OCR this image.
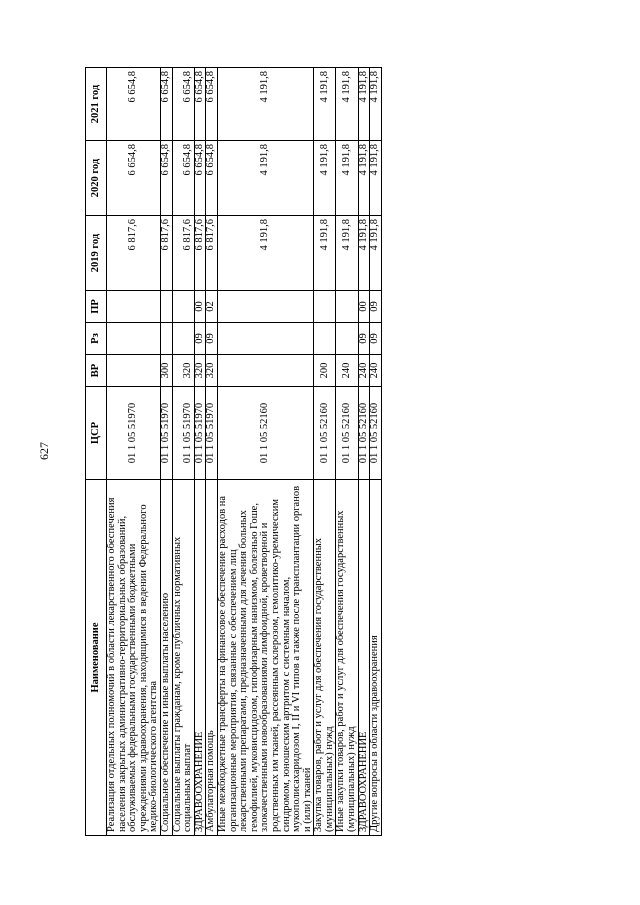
627
Наименование	ЦСР	ВР	Рз	ПР	2019 год	2020 год	2021 год
Реализация отдельных полномочий в области лекарственного обеспечения населения закрытых административно-территориальных образований, обслуживаемых федеральными государственными бюджетными учреждениями здравоохранения, находящимися в ведении Федерального медико-биологического агентства	01 1 05 51970				6 817,6	6 654,8	6 654,8
Социальное обеспечение и иные выплаты населению	01 1 05 51970	300			6 817,6	6 654,8	6 654,8
Социальные выплаты гражданам, кроме публичных нормативных социальных выплат	01 1 05 51970	320			6 817,6	6 654,8	6 654,8
ЗДРАВООХРАНЕНИЕ	01 1 05 51970	320	09	00	6 817,6	6 654,8	6 654,8
Амбулаторная помощь	01 1 05 51970	320	09	02	6 817,6	6 654,8	6 654,8
Иные межбюджетные трансферты на финансовое обеспечение расходов на организационные мероприятия, связанные с обеспечением лиц лекарственными препаратами, предназначенными для лечения больных гемофилией, муковисцидозом, гипофизарным нанизмом, болезнью Гоше, злокачественными новообразованиями лимфоидной, кроветворной и родственных им тканей, рассеянным склерозом, гемолитико-уремическим синдромом, юношеским артритом с системным началом, мукополисахаридозом I, II и VI типов а также после трансплантации органов и (или) тканей	01 1 05 52160				4 191,8	4 191,8	4 191,8
Закупка товаров, работ и услуг для обеспечения государственных (муниципальных) нужд	01 1 05 52160	200			4 191,8	4 191,8	4 191,8
Иные закупки товаров, работ и услуг для обеспечения государственных (муниципальных) нужд	01 1 05 52160	240			4 191,8	4 191,8	4 191,8
ЗДРАВООХРАНЕНИЕ	01 1 05 52160	240	09	00	4 191,8	4 191,8	4 191,8
Другие вопросы в области здравоохранения	01 1 05 52160	240	09	09	4 191,8	4 191,8	4 191,8
